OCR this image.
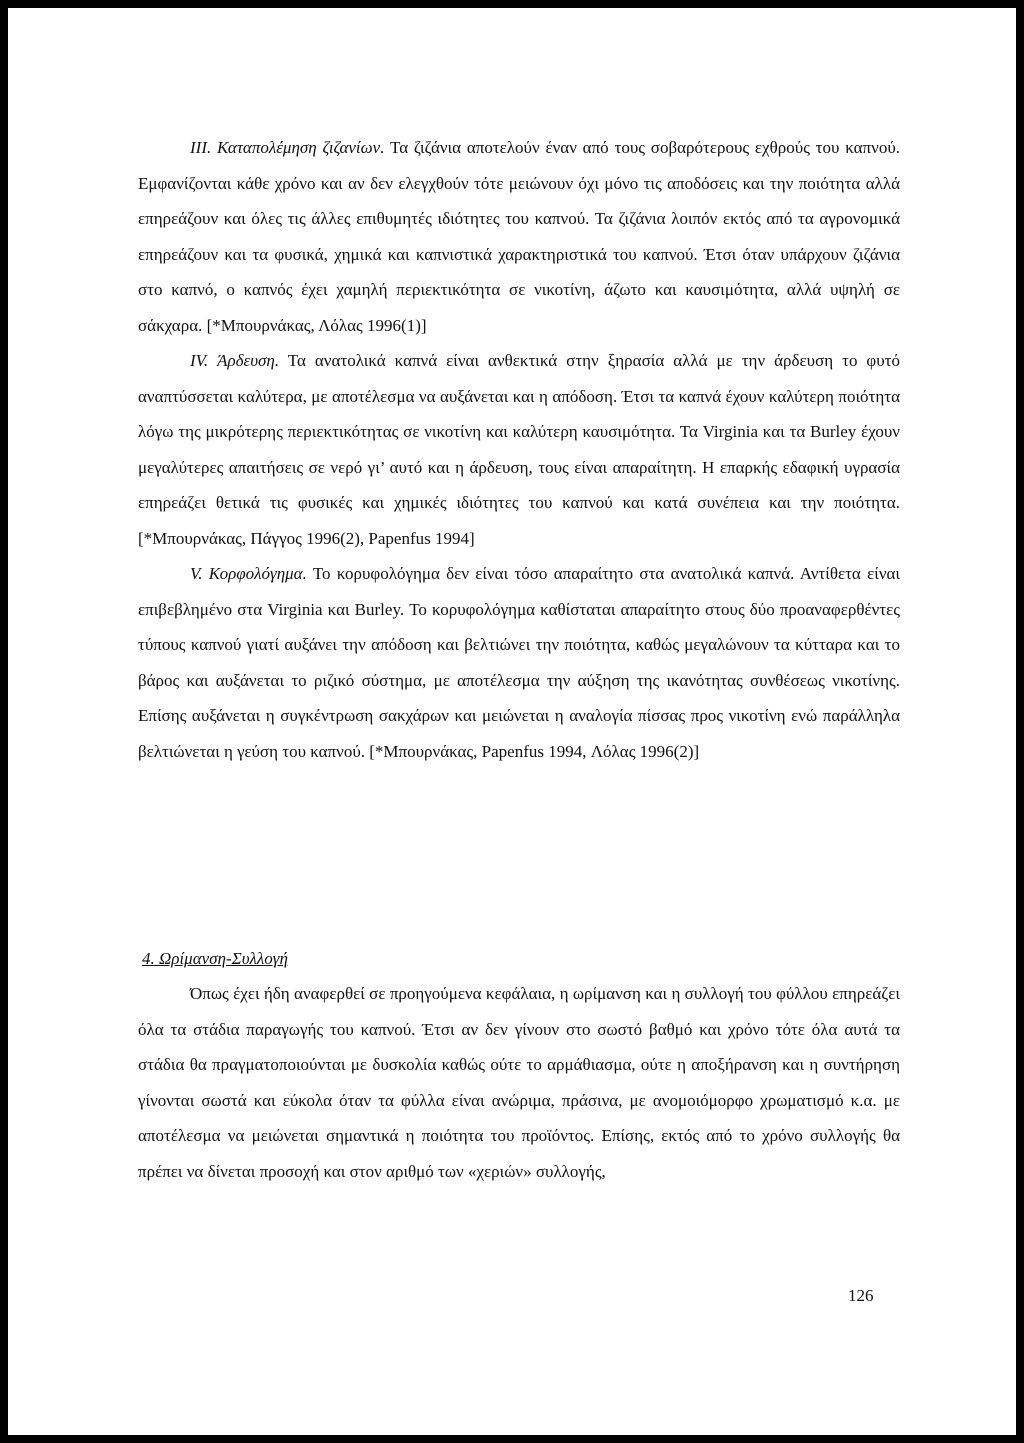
III. Καταπολέμηση ζιζανίων. Τα ζιζάνια αποτελούν έναν από τους σοβαρότερους εχθρούς του καπνού. Εμφανίζονται κάθε χρόνο και αν δεν ελεγχθούν τότε μειώνουν όχι μόνο τις αποδόσεις και την ποιότητα αλλά επηρεάζουν και όλες τις άλλες επιθυμητές ιδιότητες του καπνού. Τα ζιζάνια λοιπόν εκτός από τα αγρονομικά επηρεάζουν και τα φυσικά, χημικά και καπνιστικά χαρακτηριστικά του καπνού. Έτσι όταν υπάρχουν ζιζάνια στο καπνό, ο καπνός έχει χαμηλή περιεκτικότητα σε νικοτίνη, άζωτο και καυσιμότητα, αλλά υψηλή σε σάκχαρα. [*Μπουρνάκας, Λόλας 1996(1)]

IV. Άρδευση. Τα ανατολικά καπνά είναι ανθεκτικά στην ξηρασία αλλά με την άρδευση το φυτό αναπτύσσεται καλύτερα, με αποτέλεσμα να αυξάνεται και η απόδοση. Έτσι τα καπνά έχουν καλύτερη ποιότητα λόγω της μικρότερης περιεκτικότητας σε νικοτίνη και καλύτερη καυσιμότητα. Τα Virginia και τα Burley έχουν μεγαλύτερες απαιτήσεις σε νερό γι’ αυτό και η άρδευση, τους είναι απαραίτητη. Η επαρκής εδαφική υγρασία επηρεάζει θετικά τις φυσικές και χημικές ιδιότητες του καπνού και κατά συνέπεια και την ποιότητα. [*Μπουρνάκας, Πάγγος 1996(2), Papenfus 1994]

V. Κορφολόγημα. Το κορυφολόγημα δεν είναι τόσο απαραίτητο στα ανατολικά καπνά. Αντίθετα είναι επιβεβλημένο στα Virginia και Burley. Το κορυφολόγημα καθίσταται απαραίτητο στους δύο προαναφερθέντες τύπους καπνού γιατί αυξάνει την απόδοση και βελτιώνει την ποιότητα, καθώς μεγαλώνουν τα κύτταρα και το βάρος και αυξάνεται το ριζικό σύστημα, με αποτέλεσμα την αύξηση της ικανότητας συνθέσεως νικοτίνης. Επίσης αυξάνεται η συγκέντρωση σακχάρων και μειώνεται η αναλογία πίσσας προς νικοτίνη ενώ παράλληλα βελτιώνεται η γεύση του καπνού. [*Μπουρνάκας, Papenfus 1994, Λόλας 1996(2)]

4. Ωρίμανση-Συλλογή

Όπως έχει ήδη αναφερθεί σε προηγούμενα κεφάλαια, η ωρίμανση και η συλλογή του φύλλου επηρεάζει όλα τα στάδια παραγωγής του καπνού. Έτσι αν δεν γίνουν στο σωστό βαθμό και χρόνο τότε όλα αυτά τα στάδια θα πραγματοποιούνται με δυσκολία καθώς ούτε το αρμάθιασμα, ούτε η αποξήρανση και η συντήρηση γίνονται σωστά και εύκολα όταν τα φύλλα είναι ανώριμα, πράσινα, με ανομοιόμορφο χρωματισμό κ.α. με αποτέλεσμα να μειώνεται σημαντικά η ποιότητα του προϊόντος. Επίσης, εκτός από το χρόνο συλλογής θα πρέπει να δίνεται προσοχή και στον αριθμό των «χεριών» συλλογής,

126
